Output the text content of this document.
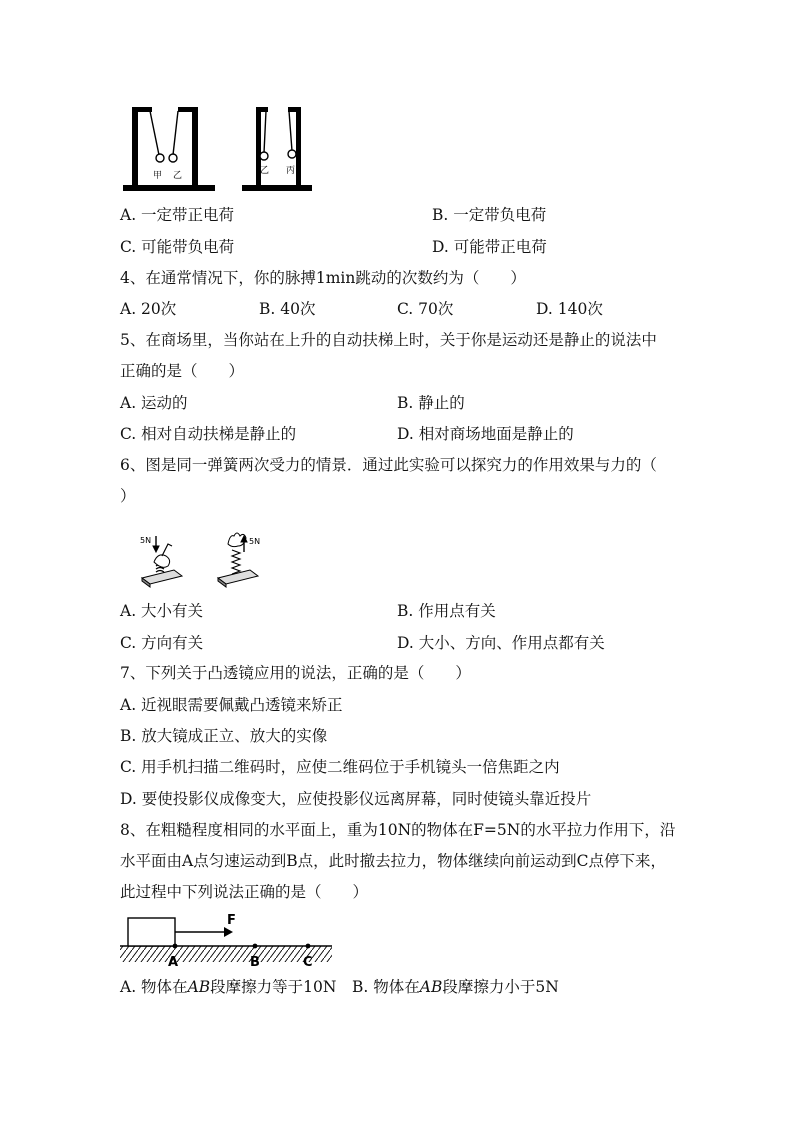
甲 乙	乙 丙
A. 一定带正电荷	B. 一定带负电荷
C. 可能带负电荷	D. 可能带正电荷
4、在通常情况下，你的脉搏1min跳动的次数约为（　　）
A. 20次	B. 40次	C. 70次	D. 140次
5、在商场里，当你站在上升的自动扶梯上时，关于你是运动还是静止的说法中
正确的是（　　）
A. 运动的	B. 静止的
C. 相对自动扶梯是静止的	D. 相对商场地面是静止的
6、图是同一弹簧两次受力的情景．通过此实验可以探究力的作用效果与力的（
）
5N	5N
A. 大小有关	B. 作用点有关
C. 方向有关	D. 大小、方向、作用点都有关
7、下列关于凸透镜应用的说法，正确的是（　　）
A. 近视眼需要佩戴凸透镜来矫正
B. 放大镜成正立、放大的实像
C. 用手机扫描二维码时，应使二维码位于手机镜头一倍焦距之内
D. 要使投影仪成像变大，应使投影仪远离屏幕，同时使镜头靠近投片
8、在粗糙程度相同的水平面上，重为10N的物体在F=5N的水平拉力作用下，沿
水平面由A点匀速运动到B点，此时撤去拉力，物体继续向前运动到C点停下来，
此过程中下列说法正确的是（　　）
F
A	B	C
A. 物体在AB段摩擦力等于10N B. 物体在AB段摩擦力小于5N
